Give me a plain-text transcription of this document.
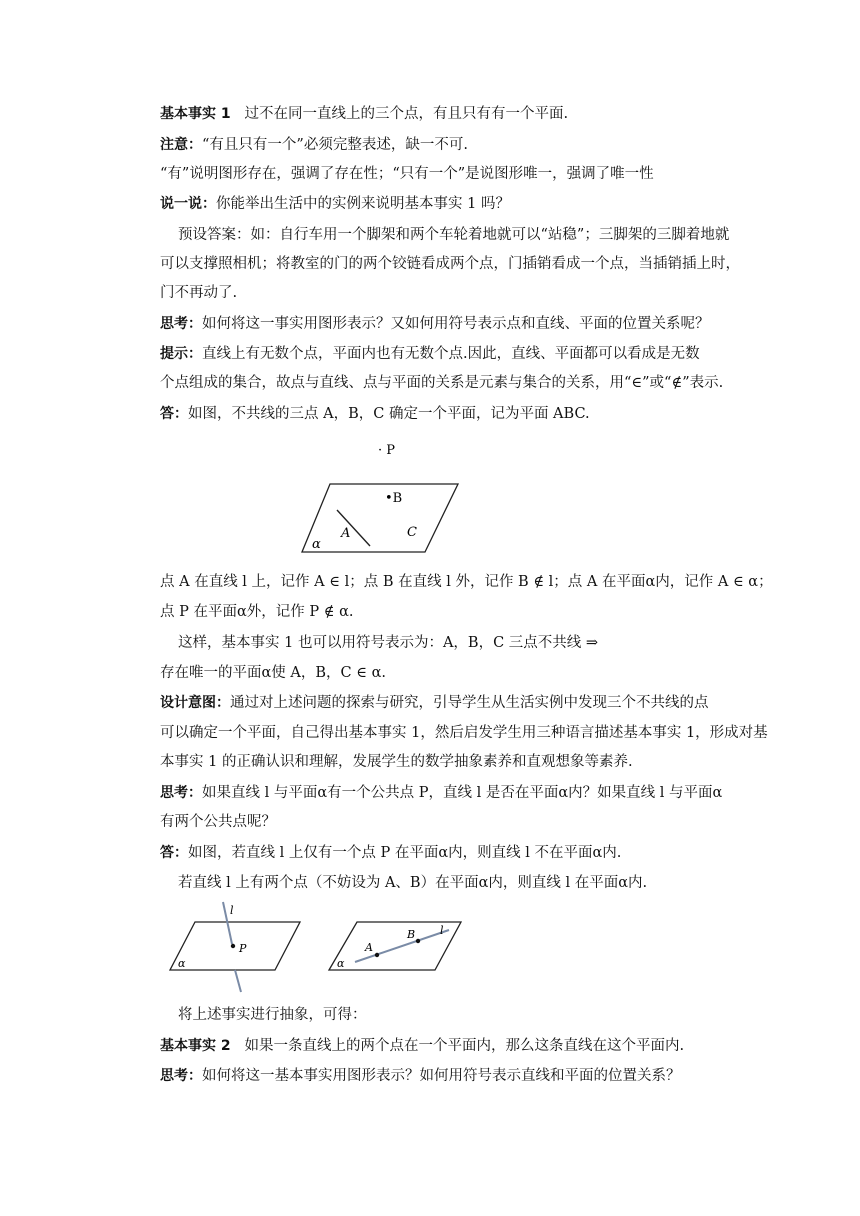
基本事实 1 过不在同一直线上的三个点，有且只有有一个平面.
注意：“有且只有一个”必须完整表述，缺一不可.
“有”说明图形存在，强调了存在性；“只有一个”是说图形唯一，强调了唯一性
说一说：你能举出生活中的实例来说明基本事实 1 吗？
预设答案：如：自行车用一个脚架和两个车轮着地就可以“站稳”；三脚架的三脚着地就
可以支撑照相机；将教室的门的两个铰链看成两个点，门插销看成一个点，当插销插上时，
门不再动了.
思考：如何将这一事实用图形表示？又如何用符号表示点和直线、平面的位置关系呢？
提示：直线上有无数个点，平面内也有无数个点.因此，直线、平面都可以看成是无数
个点组成的集合，故点与直线、点与平面的关系是元素与集合的关系，用“∈”或“∉”表示.
答：如图，不共线的三点 A，B，C 确定一个平面，记为平面 ABC.
· P
•B
C
A
α
点 A 在直线 l 上，记作 A ∈ l；点 B 在直线 l 外，记作 B ∉ l；点 A 在平面α内，记作 A ∈ α；
点 P 在平面α外，记作 P ∉ α.
这样，基本事实 1 也可以用符号表示为：A，B，C 三点不共线 ⇒
存在唯一的平面α使 A，B，C ∈ α.
设计意图：通过对上述问题的探索与研究，引导学生从生活实例中发现三个不共线的点
可以确定一个平面，自己得出基本事实 1，然后启发学生用三种语言描述基本事实 1，形成对基
本事实 1 的正确认识和理解，发展学生的数学抽象素养和直观想象等素养.
思考：如果直线 l 与平面α有一个公共点 P，直线 l 是否在平面α内？如果直线 l 与平面α
有两个公共点呢？
答：如图，若直线 l 上仅有一个点 P 在平面α内，则直线 l 不在平面α内.
若直线 l 上有两个点（不妨设为 A、B）在平面α内，则直线 l 在平面α内.
l
P
α
A
B l
α
将上述事实进行抽象，可得：
基本事实 2 如果一条直线上的两个点在一个平面内，那么这条直线在这个平面内.
思考：如何将这一基本事实用图形表示？如何用符号表示直线和平面的位置关系？
